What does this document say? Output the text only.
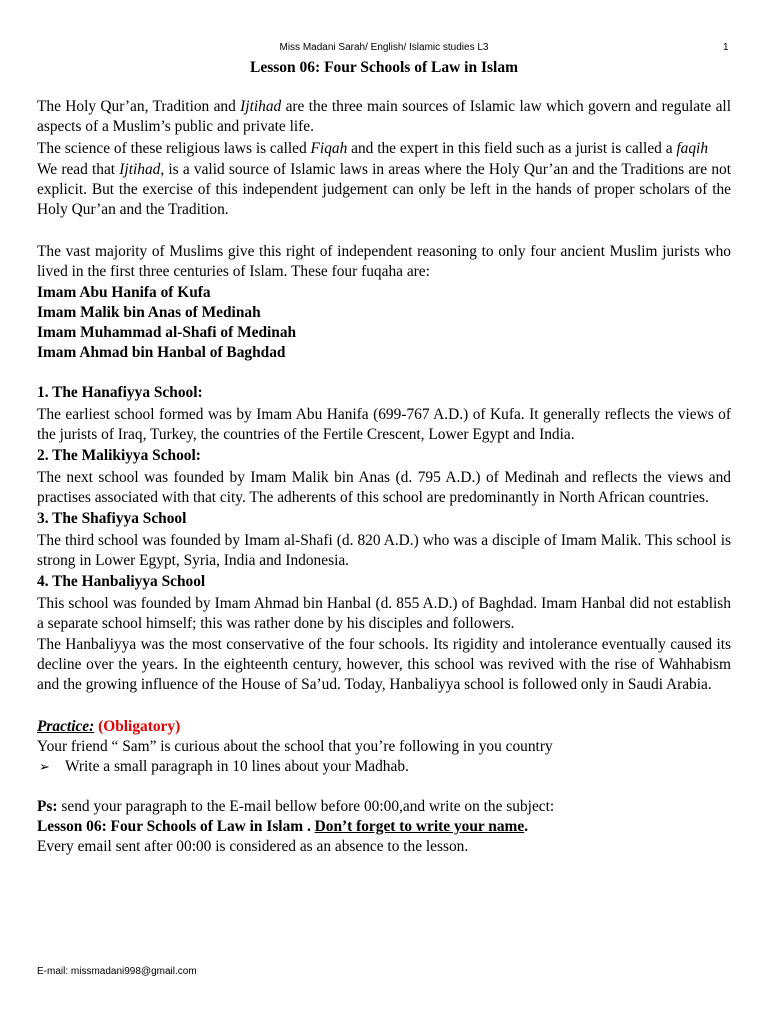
Miss Madani Sarah/ English/ Islamic studies L3	1
Lesson 06: Four Schools of Law in Islam

The Holy Qur’an, Tradition and Ijtihad are the three main sources of Islamic law which govern and regulate all aspects of a Muslim’s public and private life.

The science of these religious laws is called Fiqah and the expert in this field such as a jurist is called a faqih

We read that Ijtihad, is a valid source of Islamic laws in areas where the Holy Qur’an and the Traditions are not explicit. But the exercise of this independent judgement can only be left in the hands of proper scholars of the Holy Qur’an and the Tradition.

The vast majority of Muslims give this right of independent reasoning to only four ancient Muslim jurists who lived in the first three centuries of Islam. These four fuqaha are:

Imam Abu Hanifa of Kufa
Imam Malik bin Anas of Medinah
Imam Muhammad al-Shafi of Medinah
Imam Ahmad bin Hanbal of Baghdad
1. The Hanafiyya School:

The earliest school formed was by Imam Abu Hanifa (699-767 A.D.) of Kufa. It generally reflects the views of the jurists of Iraq, Turkey, the countries of the Fertile Crescent, Lower Egypt and India.

2. The Malikiyya School:

The next school was founded by Imam Malik bin Anas (d. 795 A.D.) of Medinah and reflects the views and practises associated with that city. The adherents of this school are predominantly in North African countries.

3. The Shafiyya School

The third school was founded by Imam al-Shafi (d. 820 A.D.) who was a disciple of Imam Malik. This school is strong in Lower Egypt, Syria, India and Indonesia.

4. The Hanbaliyya School

This school was founded by Imam Ahmad bin Hanbal (d. 855 A.D.) of Baghdad. Imam Hanbal did not establish a separate school himself; this was rather done by his disciples and followers.

The Hanbaliyya was the most conservative of the four schools. Its rigidity and intolerance eventually caused its decline over the years. In the eighteenth century, however, this school was revived with the rise of Wahhabism and the growing influence of the House of Sa’ud. Today, Hanbaliyya school is followed only in Saudi Arabia.

Practice: (Obligatory)
Your friend “ Sam” is curious about the school that you’re following in you country
➢ Write a small paragraph in 10 lines about your Madhab.
Ps: send your paragraph to the E-mail bellow before 00:00,and write on the subject:
Lesson 06: Four Schools of Law in Islam . Don’t forget to write your name.
Every email sent after 00:00 is considered as an absence to the lesson.
E-mail: missmadani998@gmail.com
